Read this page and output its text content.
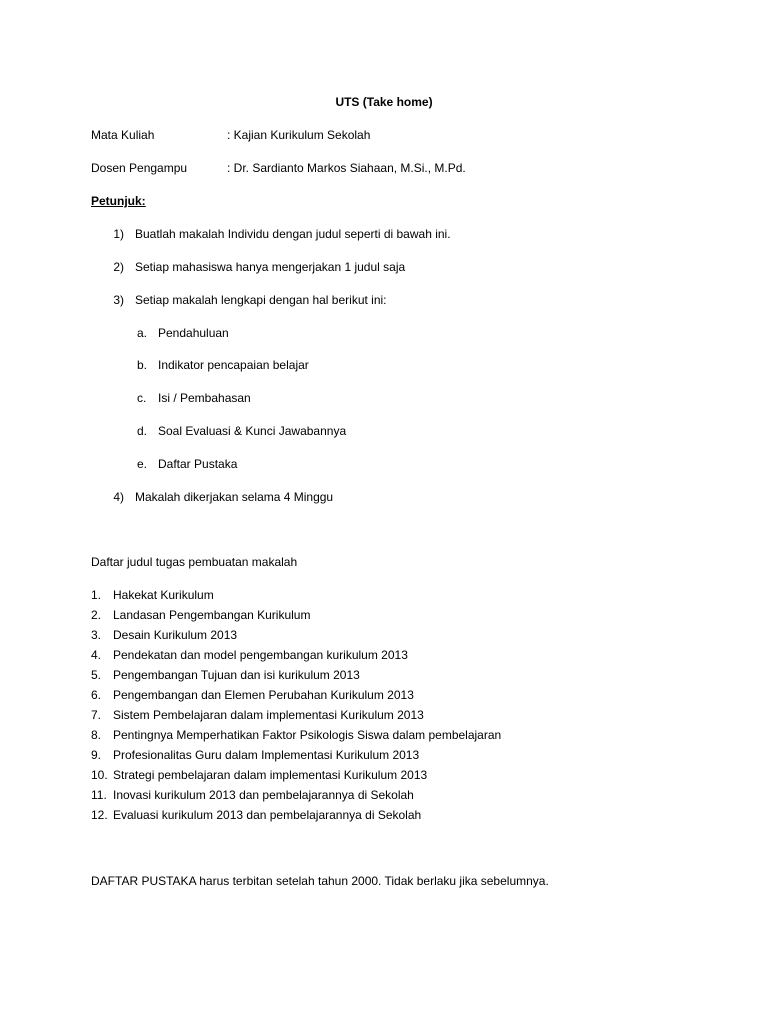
UTS (Take home)
Mata Kuliah	: Kajian Kurikulum Sekolah
Dosen Pengampu	: Dr. Sardianto Markos Siahaan, M.Si., M.Pd.
Petunjuk:
1) Buatlah makalah Individu dengan judul seperti di bawah ini.
2) Setiap mahasiswa hanya mengerjakan 1 judul saja
3) Setiap makalah lengkapi dengan hal berikut ini:
a. Pendahuluan
b. Indikator pencapaian belajar
c. Isi / Pembahasan
d. Soal Evaluasi & Kunci Jawabannya
e. Daftar Pustaka
4) Makalah dikerjakan selama 4 Minggu
Daftar judul tugas pembuatan makalah
1. Hakekat Kurikulum
2. Landasan Pengembangan Kurikulum
3. Desain Kurikulum 2013
4. Pendekatan dan model pengembangan kurikulum 2013
5. Pengembangan Tujuan dan isi kurikulum 2013
6. Pengembangan dan Elemen Perubahan Kurikulum 2013
7. Sistem Pembelajaran dalam implementasi Kurikulum 2013
8. Pentingnya Memperhatikan Faktor Psikologis Siswa dalam pembelajaran
9. Profesionalitas Guru dalam Implementasi Kurikulum 2013
10. Strategi pembelajaran dalam implementasi Kurikulum 2013
11. Inovasi kurikulum 2013 dan pembelajarannya di Sekolah
12. Evaluasi kurikulum 2013 dan pembelajarannya di Sekolah
DAFTAR PUSTAKA harus terbitan setelah tahun 2000. Tidak berlaku jika sebelumnya.
